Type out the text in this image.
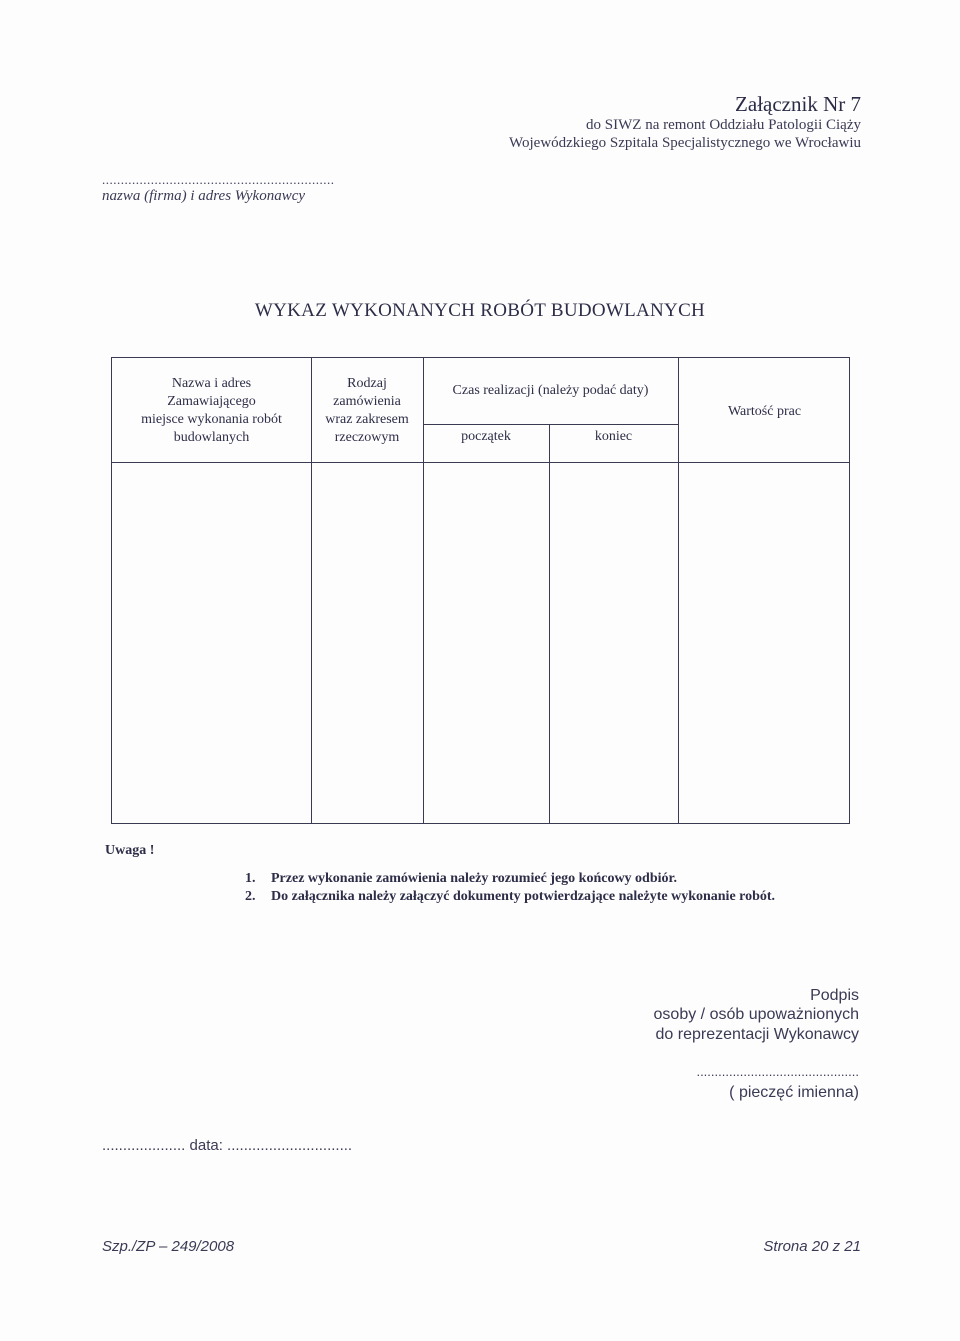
Załącznik Nr 7
do SIWZ na remont Oddziału Patologii Ciąży
Wojewódzkiego Szpitala Specjalistycznego we Wrocławiu
..............................................................
nazwa (firma) i adres Wykonawcy
WYKAZ WYKONANYCH ROBÓT BUDOWLANYCH
Nazwa i adres
Zamawiającego
miejsce wykonania robót
budowlanych
Rodzaj
zamówienia
wraz zakresem
rzeczowym
Czas realizacji (należy podać daty)
początek	koniec
Wartość prac
Uwaga !
1. Przez wykonanie zamówienia należy rozumieć jego końcowy odbiór.
2. Do załącznika należy załączyć dokumenty potwierdzające należyte wykonanie robót.
Podpis
osoby / osób upoważnionych
do reprezentacji Wykonawcy
.............................................
( pieczęć imienna)
.................... data: ..............................
Szp./ZP – 249/2008	Strona 20 z 21
